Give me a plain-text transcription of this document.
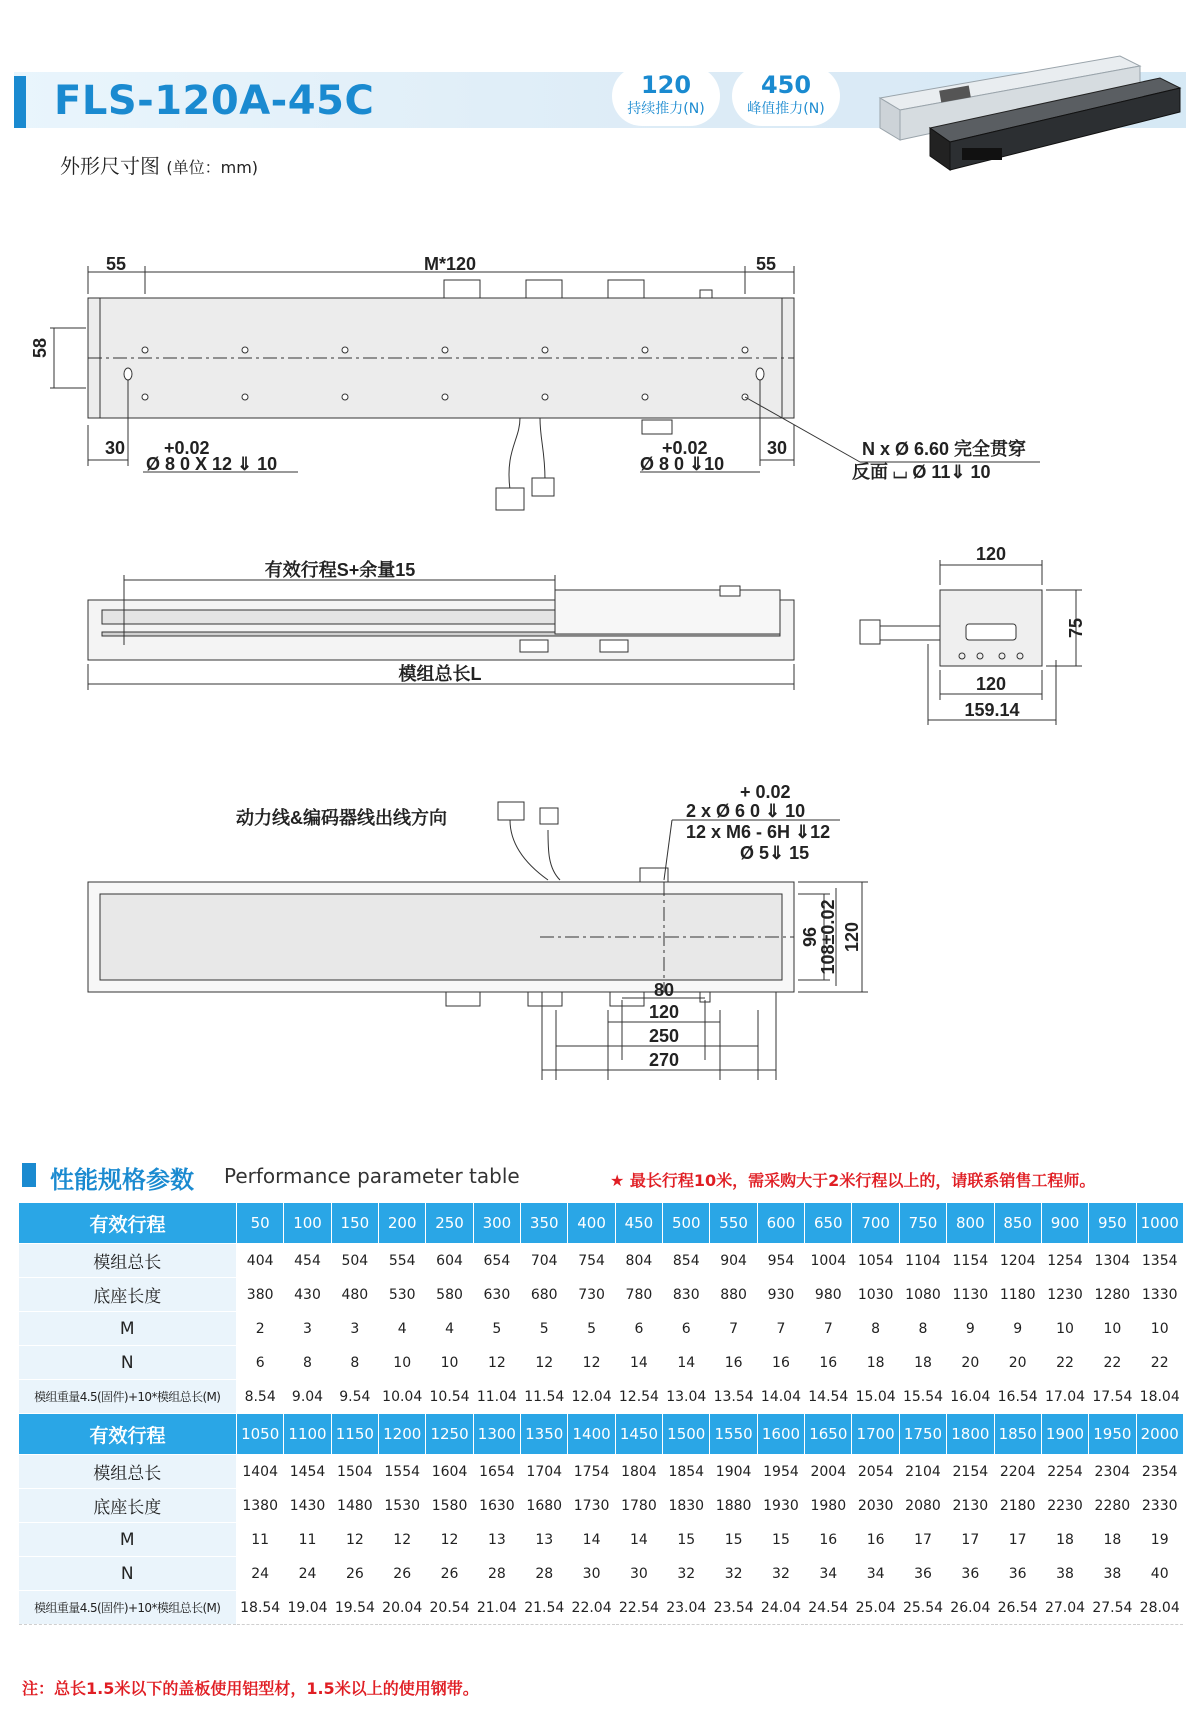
FLS-120A-45C	120
持续推力(N)
450
峰值推力(N)
外形尺寸图 (单位：mm)
55	M*120	55
58
30	30
+0.02
Ø 8 0 X 12 ⇓ 10
+0.02
Ø 8 0 ⇓10
N x Ø 6.60 完全贯穿
反面 ⌴ Ø 11⇓ 10
有效行程S+余量15
模组总长L
120
75
120
159.14
动力线&编码器线出线方向
+ 0.02
2 x Ø 6 0 ⇓ 10
12 x M6 - 6H ⇓12
Ø 5⇓ 15
96
108±0.02 120
80
120
250
270
性能规格参数 Performance parameter table	★ 最长行程10米，需采购大于2米行程以上的，请联系销售工程师。
有效行程	50	100	150	200	250	300	350	400	450	500	550	600	650	700	750	800	850	900	950	1000
模组总长	404	454	504	554	604	654	704	754	804	854	904	954	1004	1054	1104	1154	1204	1254	1304	1354
底座长度	380	430	480	530	580	630	680	730	780	830	880	930	980	1030	1080	1130	1180	1230	1280	1330
M	2	3	3	4	4	5	5	5	6	6	7	7	7	8	8	9	9	10	10	10
N	6	8	8	10	10	12	12	12	14	14	16	16	16	18	18	20	20	22	22	22
模组重量4.5(固件)+10*模组总长(M)	8.54	9.04	9.54	10.04	10.54	11.04	11.54	12.04	12.54	13.04	13.54	14.04	14.54	15.04	15.54	16.04	16.54	17.04	17.54	18.04
有效行程	1050	1100	1150	1200	1250	1300	1350	1400	1450	1500	1550	1600	1650	1700	1750	1800	1850	1900	1950	2000
模组总长	1404	1454	1504	1554	1604	1654	1704	1754	1804	1854	1904	1954	2004	2054	2104	2154	2204	2254	2304	2354
底座长度	1380	1430	1480	1530	1580	1630	1680	1730	1780	1830	1880	1930	1980	2030	2080	2130	2180	2230	2280	2330
M	11	11	12	12	12	13	13	14	14	15	15	15	16	16	17	17	17	18	18	19
N	24	24	26	26	26	28	28	30	30	32	32	32	34	34	36	36	36	38	38	40
模组重量4.5(固件)+10*模组总长(M)	18.54	19.04	19.54	20.04	20.54	21.04	21.54	22.04	22.54	23.04	23.54	24.04	24.54	25.04	25.54	26.04	26.54	27.04	27.54	28.04
注：总长1.5米以下的盖板使用铝型材，1.5米以上的使用钢带。
